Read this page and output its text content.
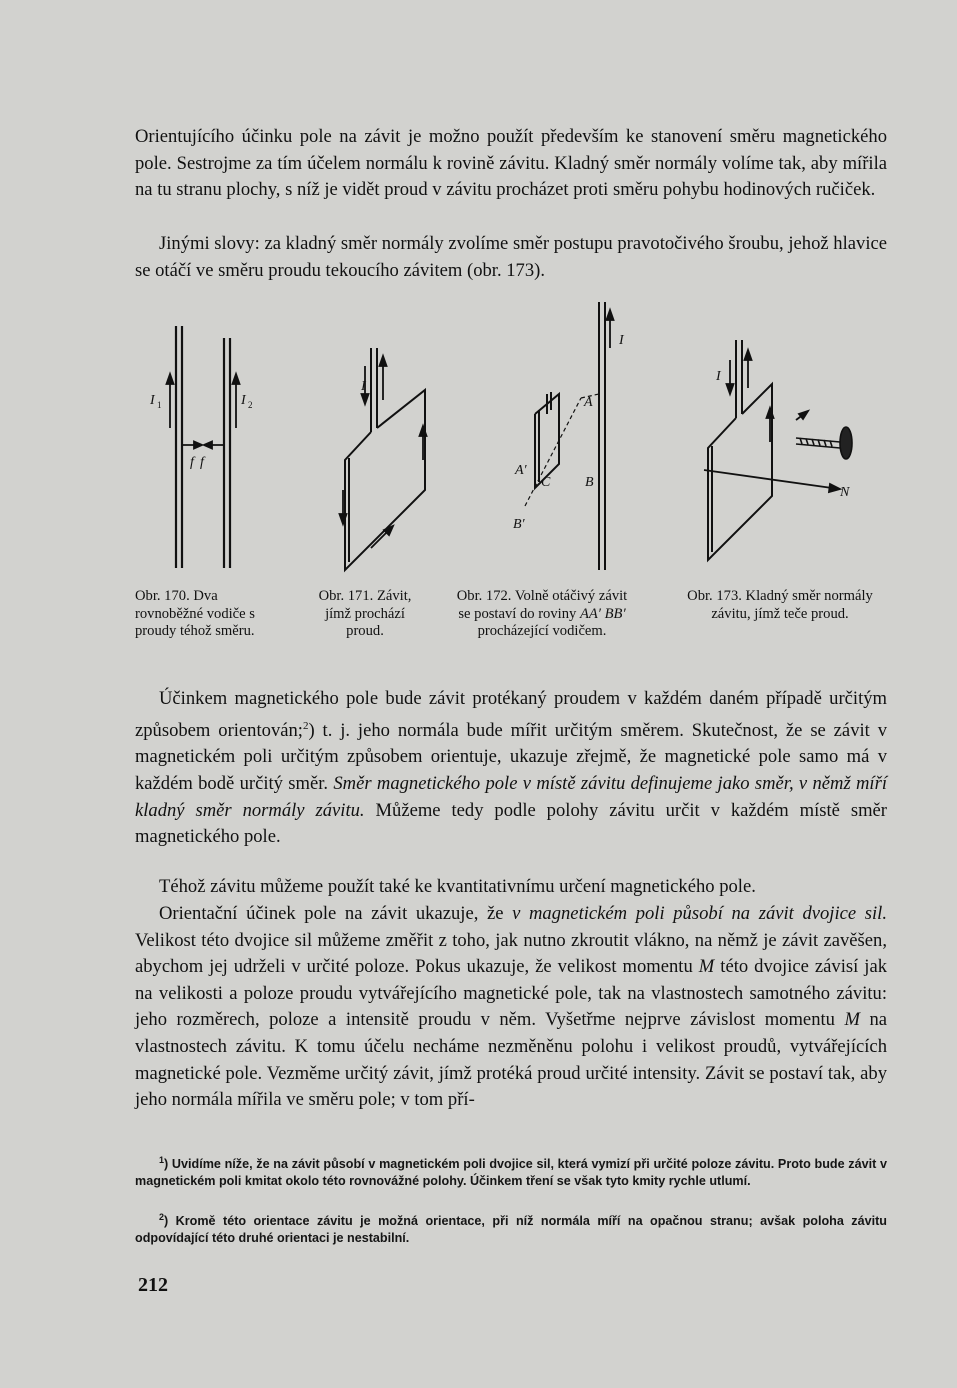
Orientujícího účinku pole na závit je možno použít především ke stanovení směru magnetického pole. Sestrojme za tím účelem normálu k rovině závitu. Kladný směr normály volíme tak, aby mířila na tu stranu plochy, s níž je vidět proud v závitu procházet proti směru pohybu hodinových ručiček.

Jinými slovy: za kladný směr normály zvolíme směr postupu pravotočivého šroubu, jehož hlavice se otáčí ve směru proudu tekoucího závitem (obr. 173).

I 1	I 2
f f
I
I
A
A′
C B
B′
I
N

Obr. 170. Dva rovnoběžné vodiče s proudy téhož směru.

Obr. 171. Závit, jímž prochází proud.

Obr. 172. Volně otáčivý závit se postaví do roviny AA′ BB′ procházející vodičem.

Obr. 173. Kladný směr normály závitu, jímž teče proud.

Účinkem magnetického pole bude závit protékaný proudem v každém daném případě určitým způsobem orientován;$^2$) t. j. jeho normála bude mířit určitým směrem. Skutečnost, že se závit v magnetickém poli určitým způsobem orientuje, ukazuje zřejmě, že magnetické pole samo má v každém bodě určitý směr. Směr magnetického pole v místě závitu definujeme jako směr, v němž míří kladný směr normály závitu. Můžeme tedy podle polohy závitu určit v každém místě směr magnetického pole.

Téhož závitu můžeme použít také ke kvantitativnímu určení magnetického pole.

Orientační účinek pole na závit ukazuje, že v magnetickém poli působí na závit dvojice sil. Velikost této dvojice sil můžeme změřit z toho, jak nutno zkroutit vlákno, na němž je závit zavěšen, abychom jej udrželi v určité poloze. Pokus ukazuje, že velikost momentu M této dvojice závisí jak na velikosti a poloze proudu vytvářejícího magnetické pole, tak na vlastnostech samotného závitu: jeho rozměrech, poloze a intensitě proudu v něm. Vyšetřme nejprve závislost momentu M na vlastnostech závitu. K tomu účelu necháme nezměněnu polohu i velikost proudů, vytvářejících magnetické pole. Vezměme určitý závit, jímž protéká proud určité intensity. Závit se postaví tak, aby jeho normála mířila ve směru pole; v tom pří-

$^1$) Uvidíme níže, že na závit působí v magnetickém poli dvojice sil, která vymizí při určité poloze závitu. Proto bude závit v magnetickém poli kmitat okolo této rovnovážné polohy. Účinkem tření se však tyto kmity rychle utlumí.

$^2$) Kromě této orientace závitu je možná orientace, při níž normála míří na opačnou stranu; avšak poloha závitu odpovídající této druhé orientaci je nestabilní.

212
